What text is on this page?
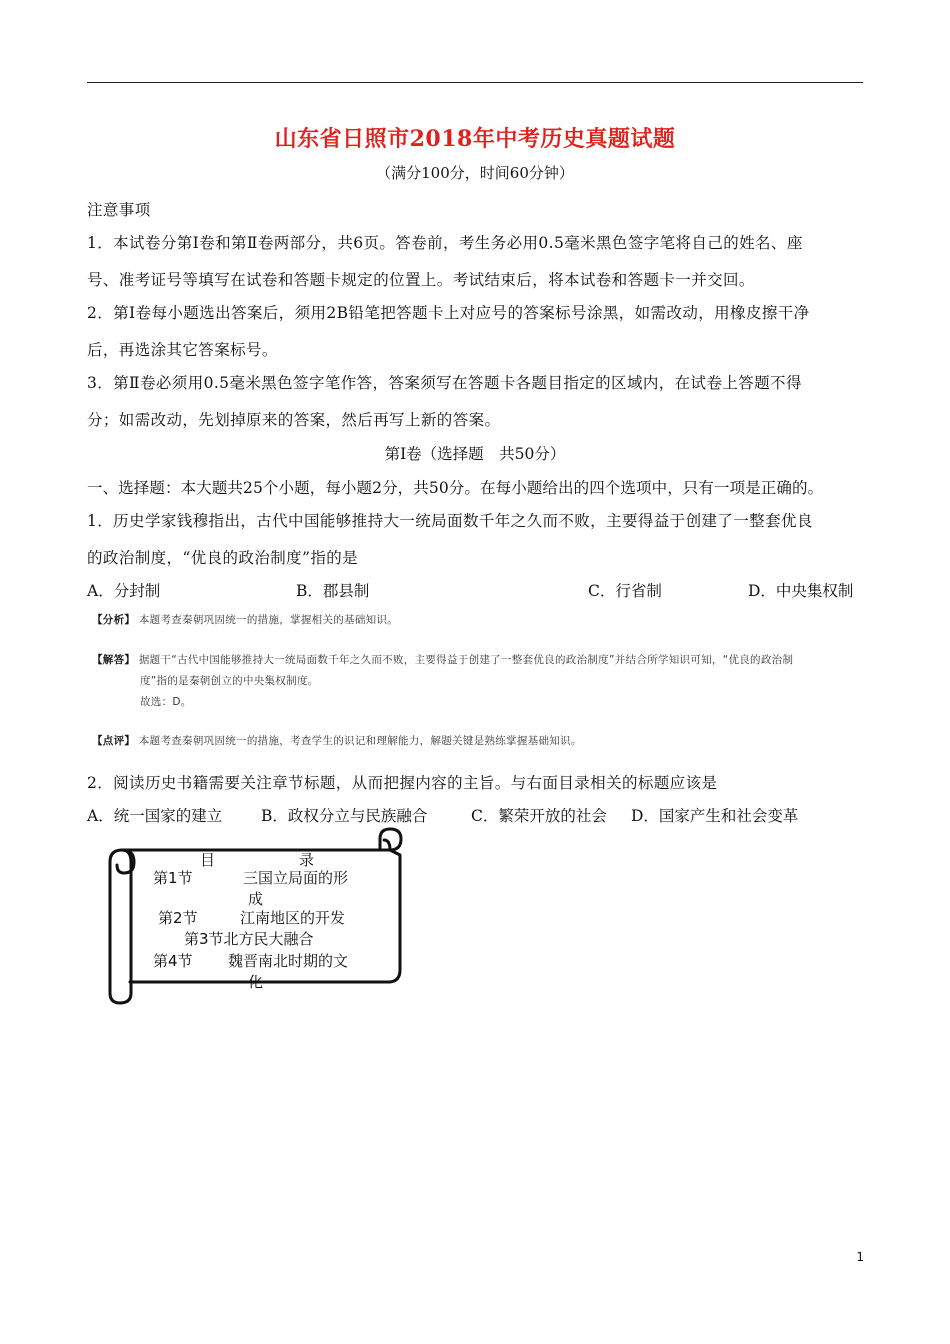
山东省日照市2018年中考历史真题试题
（满分100分，时间60分钟）
注意事项
1．本试卷分第Ⅰ卷和第Ⅱ卷两部分，共6页。答卷前，考生务必用0.5毫米黑色签字笔将自己的姓名、座
号、准考证号等填写在试卷和答题卡规定的位置上。考试结束后，将本试卷和答题卡一并交回。
2．第Ⅰ卷每小题选出答案后，须用2B铅笔把答题卡上对应号的答案标号涂黑，如需改动，用橡皮擦干净
后，再选涂其它答案标号。
3．第Ⅱ卷必须用0.5毫米黑色签字笔作答，答案须写在答题卡各题目指定的区域内，在试卷上答题不得
分；如需改动，先划掉原来的答案，然后再写上新的答案。
第Ⅰ卷（选择题　共50分）
一、选择题：本大题共25个小题，每小题2分，共50分。在每小题给出的四个选项中，只有一项是正确的。
1．历史学家钱穆指出，古代中国能够推持大一统局面数千年之久而不败，主要得益于创建了一整套优良
的政治制度，“优良的政治制度”指的是
A．分封制	B．郡县制	C．行省制	D．中央集权制
【分析】 本题考查秦朝巩固统一的措施，掌握相关的基础知识。
【解答】 据题干“古代中国能够推持大一统局面数千年之久而不败，主要得益于创建了一整套优良的政治制度”并结合所学知识可知，“优良的政治制
度”指的是秦朝创立的中央集权制度。
故选：D。
【点评】 本题考查秦朝巩固统一的措施，考查学生的识记和理解能力，解题关键是熟练掌握基础知识。
2．阅读历史书籍需要关注章节标题，从而把握内容的主旨。与右面目录相关的标题应该是
A．统一国家的建立	B．政权分立与民族融合	C．繁荣开放的社会 D．国家产生和社会变革
目	录
第1节	三国立局面的形
成
第2节	江南地区的开发
第3节北方民大融合
第4节 魏晋南北时期的文
化
1
